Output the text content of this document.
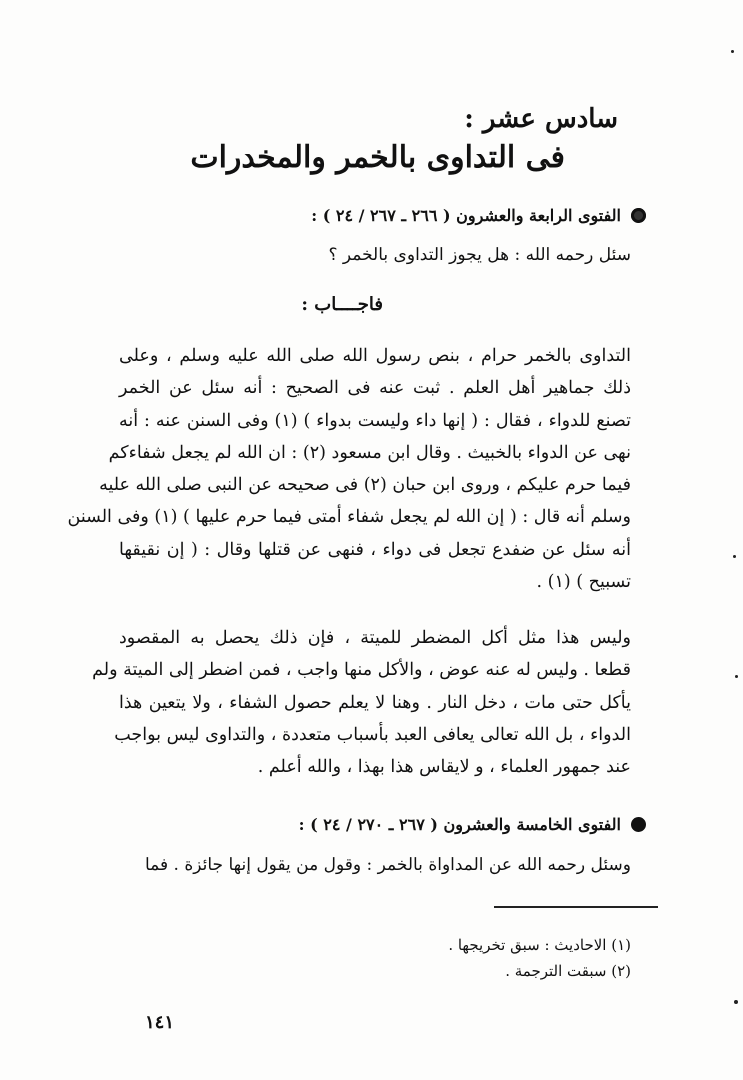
سادس عشر :
فى التداوى بالخمر والمخدرات
الفتوى الرابعة والعشرون ( ٢٦٦ ـ ٢٦٧ / ٢٤ ) :
سئل رحمه الله : هل يجوز التداوى بالخمر ؟
فاجــــاب :
التداوى بالخمر حرام ، بنص رسول الله صلى الله عليه وسلم ، وعلى
ذلك جماهير أهل العلم . ثبت عنه فى الصحيح : أنه سئل عن الخمر
تصنع للدواء ، فقال : ( إنها داء وليست بدواء ) (١) وفى السنن عنه : أنه
نهى عن الدواء بالخبيث . وقال ابن مسعود (٢) : ان الله لم يجعل شفاءكم
فيما حرم عليكم ، وروى ابن حبان (٢) فى صحيحه عن النبى صلى الله عليه
وسلم أنه قال : ( إن الله لم يجعل شفاء أمتى فيما حرم عليها ) (١) وفى السنن
أنه سئل عن ضفدع تجعل فى دواء ، فنهى عن قتلها وقال : ( إن نقيقها
تسبيح ) (١) .
وليس هذا مثل أكل المضطر للميتة ، فإن ذلك يحصل به المقصود
قطعا . وليس له عنه عوض ، والأكل منها واجب ، فمن اضطر إلى الميتة ولم
يأكل حتى مات ، دخل النار . وهنا لا يعلم حصول الشفاء ، ولا يتعين هذا
الدواء ، بل الله تعالى يعافى العبد بأسباب متعددة ، والتداوى ليس بواجب
عند جمهور العلماء ، و لايقاس هذا بهذا ، والله أعلم .
الفتوى الخامسة والعشرون ( ٢٦٧ ـ ٢٧٠ / ٢٤ ) :
وسئل رحمه الله عن المداواة بالخمر : وقول من يقول إنها جائزة . فما
(١) الاحاديث : سبق تخريجها .
(٢) سبقت الترجمة .
١٤١
